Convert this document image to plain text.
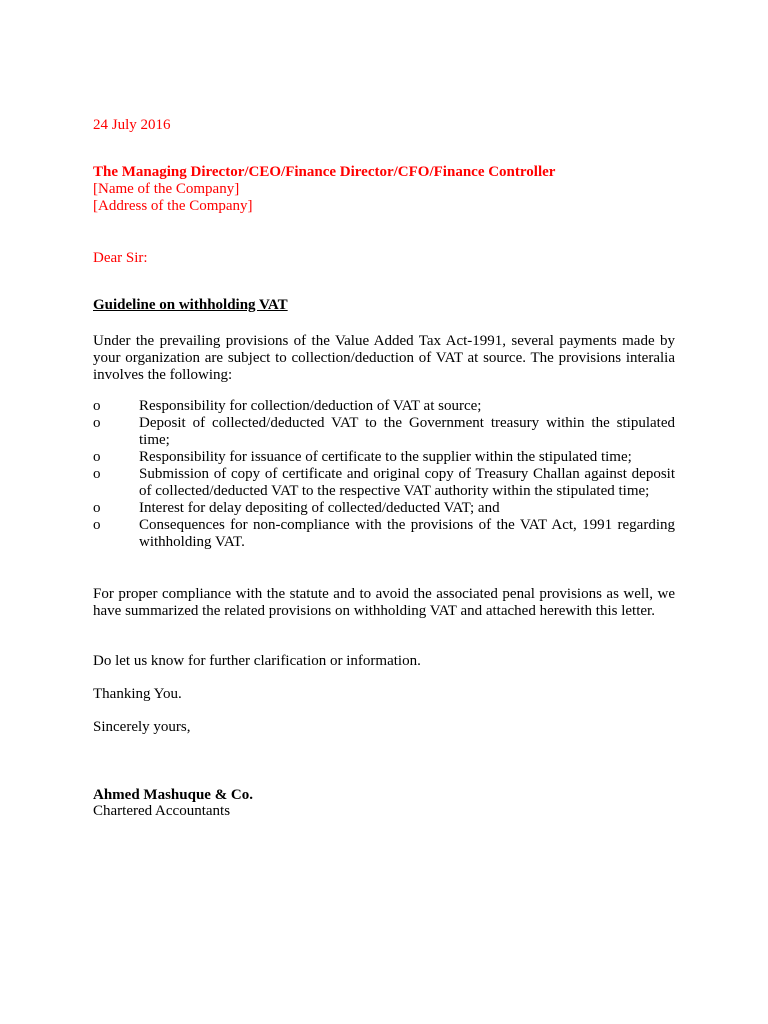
24 July 2016
The Managing Director/CEO/Finance Director/CFO/Finance Controller
[Name of the Company]
[Address of the Company]
Dear Sir:
Guideline on withholding VAT
Under the prevailing provisions of the Value Added Tax Act-1991, several payments made by your organization are subject to collection/deduction of VAT at source. The provisions interalia involves the following:
o	Responsibility for collection/deduction of VAT at source;
o	Deposit of collected/deducted VAT to the Government treasury within the stipulated time;
o	Responsibility for issuance of certificate to the supplier within the stipulated time;
o	Submission of copy of certificate and original copy of Treasury Challan against deposit of collected/deducted VAT to the respective VAT authority within the stipulated time;
o	Interest for delay depositing of collected/deducted VAT; and
o	Consequences for non-compliance with the provisions of the VAT Act, 1991 regarding withholding VAT.
For proper compliance with the statute and to avoid the associated penal provisions as well, we have summarized the related provisions on withholding VAT and attached herewith this letter.
Do let us know for further clarification or information.
Thanking You.
Sincerely yours,
Ahmed Mashuque & Co.
Chartered Accountants
